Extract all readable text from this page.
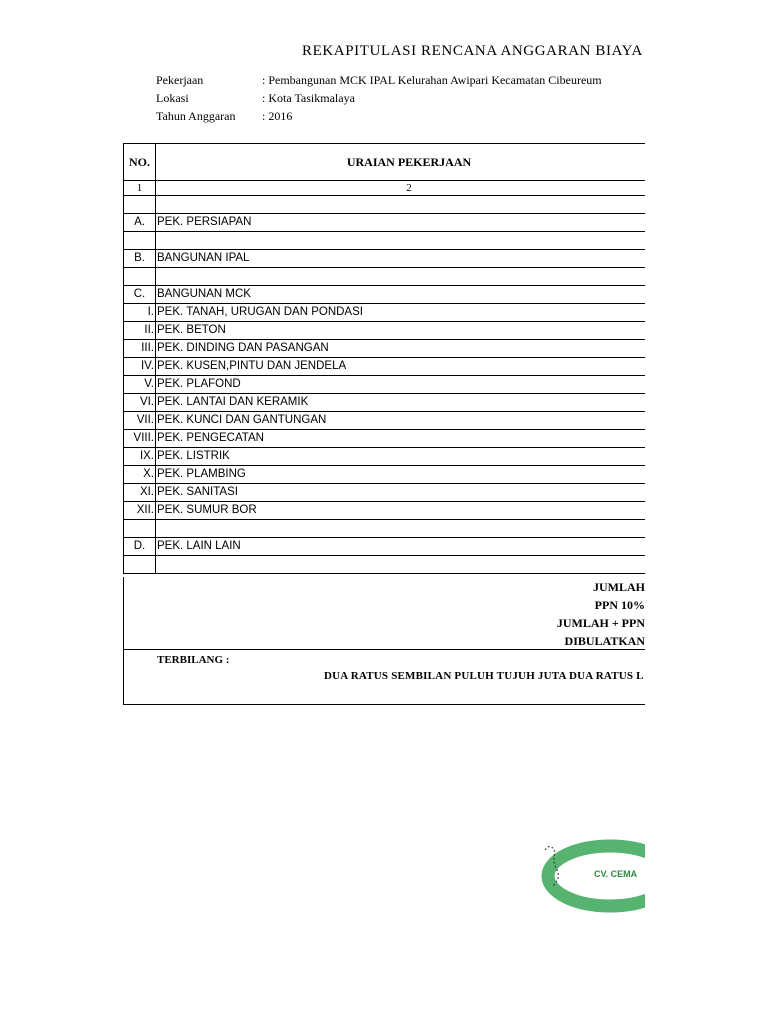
REKAPITULASI RENCANA ANGGARAN BIAYA
Pekerjaan	: Pembangunan MCK IPAL Kelurahan Awipari Kecamatan Cibeureum
Lokasi	: Kota Tasikmalaya
Tahun Anggaran : 2016
NO.	URAIAN PEKERJAAN
1	2

A.	PEK. PERSIAPAN

B.	BANGUNAN IPAL

C.	BANGUNAN MCK
I.	PEK. TANAH, URUGAN DAN PONDASI
II.	PEK. BETON
III.	PEK. DINDING DAN PASANGAN
IV.	PEK. KUSEN,PINTU DAN JENDELA
V.	PEK. PLAFOND
VI.	PEK. LANTAI DAN KERAMIK
VII.	PEK. KUNCI DAN GANTUNGAN
VIII.	PEK. PENGECATAN
IX.	PEK. LISTRIK
X.	PEK. PLAMBING
XI.	PEK. SANITASI
XII.	PEK. SUMUR BOR

D.	PEK. LAIN LAIN

JUMLAH
PPN 10%
JUMLAH + PPN
DIBULATKAN
TERBILANG :
DUA RATUS SEMBILAN PULUH TUJUH JUTA DUA RATUS L
CV. CEMA
